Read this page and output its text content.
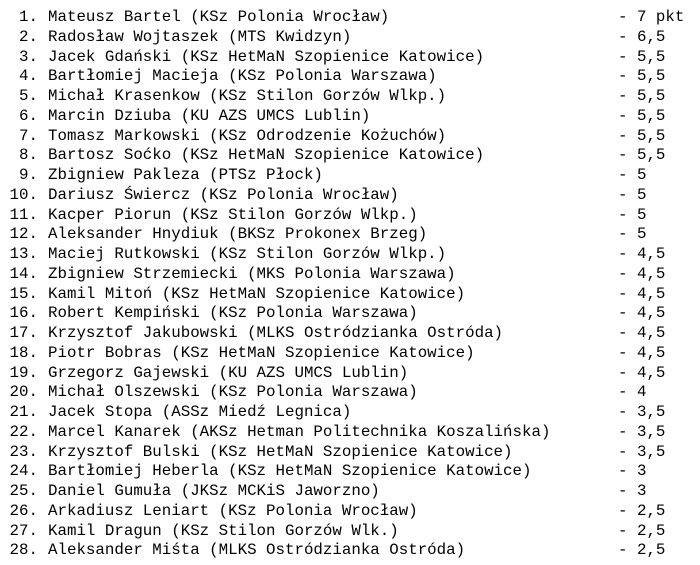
1. Mateusz Bartel (KSz Polonia Wrocław)	- 7 pkt
2. Radosław Wojtaszek (MTS Kwidzyn)	- 6,5
3. Jacek Gdański (KSz HetMaN Szopienice Katowice)	- 5,5
4. Bartłomiej Macieja (KSz Polonia Warszawa)	- 5,5
5. Michał Krasenkow (KSz Stilon Gorzów Wlkp.)	- 5,5
6. Marcin Dziuba (KU AZS UMCS Lublin)	- 5,5
7. Tomasz Markowski (KSz Odrodzenie Kożuchów)	- 5,5
8. Bartosz Soćko (KSz HetMaN Szopienice Katowice)	- 5,5
9. Zbigniew Pakleza (PTSz Płock)	- 5
10. Dariusz Świercz (KSz Polonia Wrocław)	- 5
11. Kacper Piorun (KSz Stilon Gorzów Wlkp.)	- 5
12. Aleksander Hnydiuk (BKSz Prokonex Brzeg)	- 5
13. Maciej Rutkowski (KSz Stilon Gorzów Wlkp.)	- 4,5
14. Zbigniew Strzemiecki (MKS Polonia Warszawa)	- 4,5
15. Kamil Mitoń (KSz HetMaN Szopienice Katowice)	- 4,5
16. Robert Kempiński (KSz Polonia Warszawa)	- 4,5
17. Krzysztof Jakubowski (MLKS Ostródzianka Ostróda)	- 4,5
18. Piotr Bobras (KSz HetMaN Szopienice Katowice)	- 4,5
19. Grzegorz Gajewski (KU AZS UMCS Lublin)	- 4,5
20. Michał Olszewski (KSz Polonia Warszawa)	- 4
21. Jacek Stopa (ASSz Miedź Legnica)	- 3,5
22. Marcel Kanarek (AKSz Hetman Politechnika Koszalińska)	- 3,5
23. Krzysztof Bulski (KSz HetMaN Szopienice Katowice)	- 3,5
24. Bartłomiej Heberla (KSz HetMaN Szopienice Katowice)	- 3
25. Daniel Gumuła (JKSz MCKiS Jaworzno)	- 3
26. Arkadiusz Leniart (KSz Polonia Wrocław)	- 2,5
27. Kamil Dragun (KSz Stilon Gorzów Wlk.)	- 2,5
28. Aleksander Miśta (MLKS Ostródzianka Ostróda)	- 2,5
